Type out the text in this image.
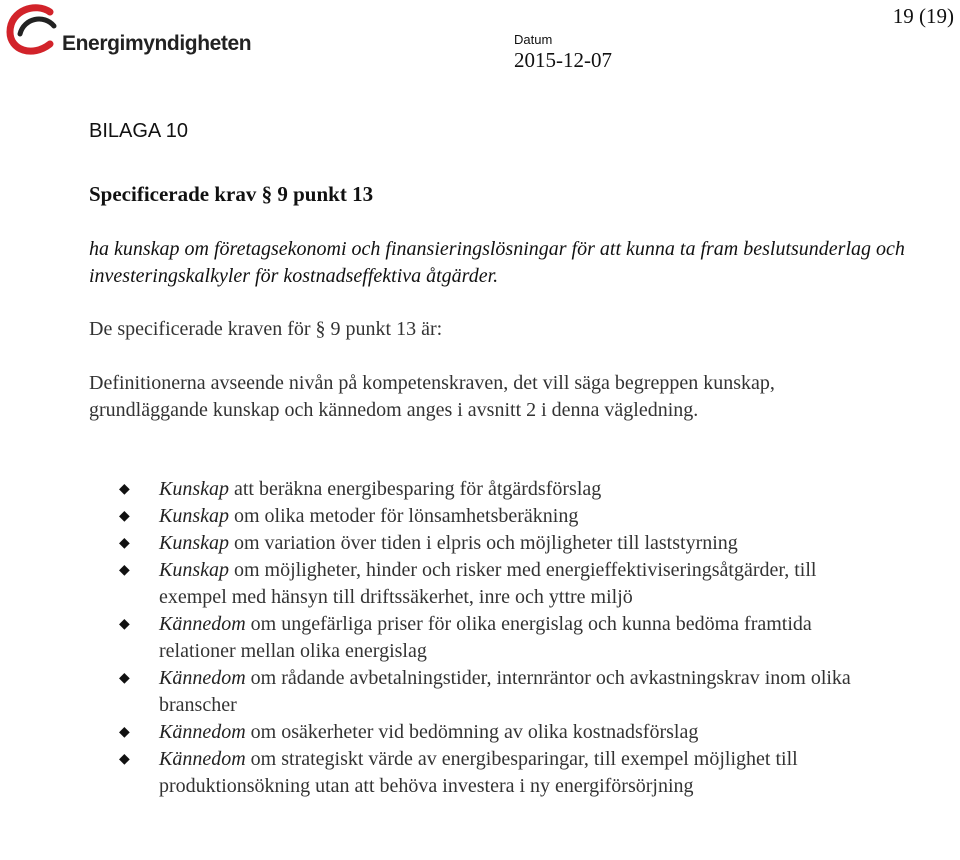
Energimyndigheten	Datum
2015-12-07
19 (19)
BILAGA 10
Specificerade krav § 9 punkt 13
ha kunskap om företagsekonomi och finansieringslösningar för att kunna ta fram beslutsunderlag och investeringskalkyler för kostnadseffektiva åtgärder.
De specificerade kraven för § 9 punkt 13 är:
Definitionerna avseende nivån på kompetenskraven, det vill säga begreppen kunskap, grundläggande kunskap och kännedom anges i avsnitt 2 i denna vägledning.
◆ Kunskap att beräkna energibesparing för åtgärdsförslag
◆ Kunskap om olika metoder för lönsamhetsberäkning
◆ Kunskap om variation över tiden i elpris och möjligheter till laststyrning
◆ Kunskap om möjligheter, hinder och risker med energieffektiviseringsåtgärder, till exempel med hänsyn till driftssäkerhet, inre och yttre miljö
◆ Kännedom om ungefärliga priser för olika energislag och kunna bedöma framtida relationer mellan olika energislag
◆ Kännedom om rådande avbetalningstider, internräntor och avkastningskrav inom olika branscher
◆ Kännedom om osäkerheter vid bedömning av olika kostnadsförslag
◆ Kännedom om strategiskt värde av energibesparingar, till exempel möjlighet till produktionsökning utan att behöva investera i ny energiförsörjning
